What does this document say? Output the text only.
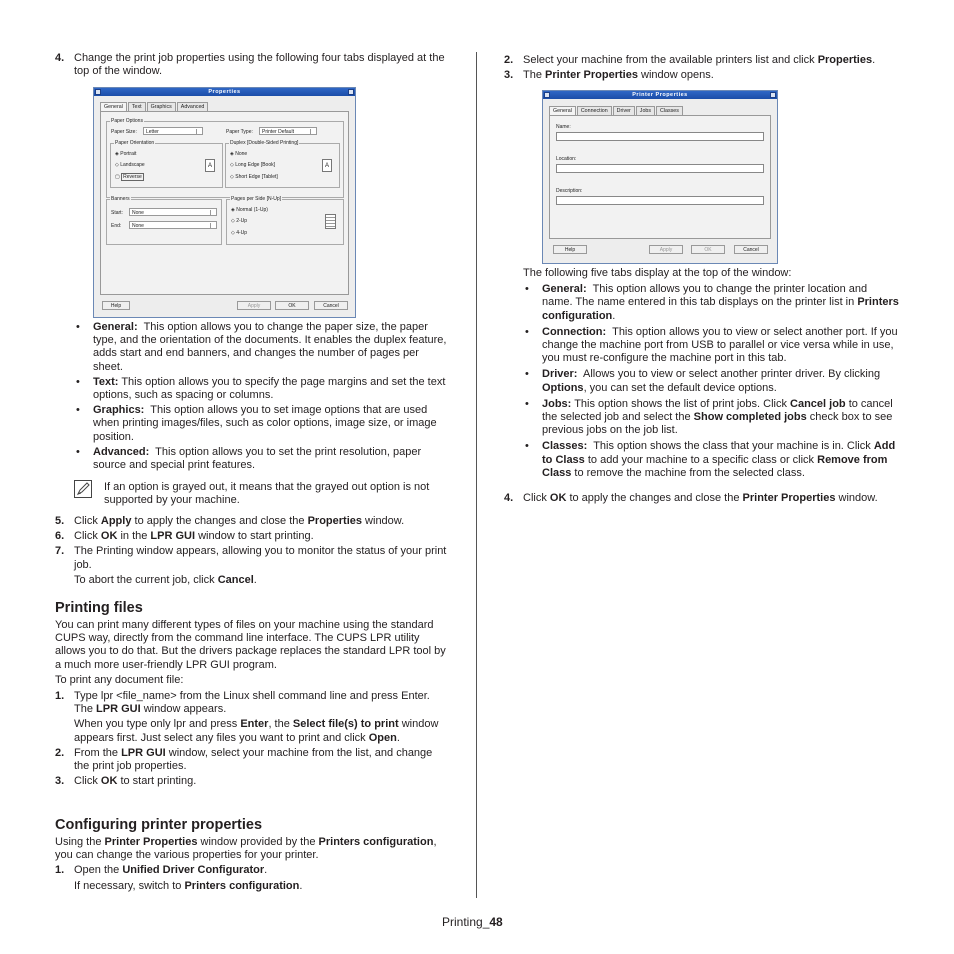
4. Change the print job properties using the following four tabs displayed at the top of the window.
Properties
General	Text	Graphics	Advanced
Paper Options
Paper Size:	Letter	Paper Type:	Printer Default
Paper Orientation
◈ Portrait
◇ Landscape
▢ Reverse
A
Duplex [Double-Sided Printing]
◈ None
◇ Long Edge [Book]
◇ Short Edge [Tablet]
A
Banners
Start:	None
End:	None
Pages per Side [N-Up]
◈ Normal (1-Up)
◇ 2-Up
◇ 4-Up
Help	Apply	OK	Cancel
• General: This option allows you to change the paper size, the paper type, and the orientation of the documents. It enables the duplex feature, adds start and end banners, and changes the number of pages per sheet.
• Text: This option allows you to specify the page margins and set the text options, such as spacing or columns.
• Graphics: This option allows you to set image options that are used when printing images/files, such as color options, image size, or image position.
• Advanced: This option allows you to set the print resolution, paper source and special print features.
If an option is grayed out, it means that the grayed out option is not supported by your machine.
5. Click Apply to apply the changes and close the Properties window.
6. Click OK in the LPR GUI window to start printing.
7. The Printing window appears, allowing you to monitor the status of your print job.
To abort the current job, click Cancel.
Printing files

You can print many different types of files on your machine using the standard CUPS way, directly from the command line interface. The CUPS LPR utility allows you to do that. But the drivers package replaces the standard LPR tool by a much more user-friendly LPR GUI program.

To print any document file:

1. Type lpr <file_name> from the Linux shell command line and press Enter. The LPR GUI window appears.
When you type only lpr and press Enter, the Select file(s) to print window appears first. Just select any files you want to print and click Open.
2. From the LPR GUI window, select your machine from the list, and change the print job properties.
3. Click OK to start printing.
Configuring printer properties

Using the Printer Properties window provided by the Printers configuration, you can change the various properties for your printer.

1. Open the Unified Driver Configurator.
If necessary, switch to Printers configuration.
2. Select your machine from the available printers list and click Properties.
3. The Printer Properties window opens.
Printer Properties
General	Connection	Driver	Jobs	Classes
Name:
Location:
Description:
Help	Apply	OK	Cancel

The following five tabs display at the top of the window:

• General: This option allows you to change the printer location and name. The name entered in this tab displays on the printer list in Printers configuration.
• Connection: This option allows you to view or select another port. If you change the machine port from USB to parallel or vice versa while in use, you must re-configure the machine port in this tab.
• Driver: Allows you to view or select another printer driver. By clicking Options, you can set the default device options.
• Jobs: This option shows the list of print jobs. Click Cancel job to cancel the selected job and select the Show completed jobs check box to see previous jobs on the job list.
• Classes: This option shows the class that your machine is in. Click Add to Class to add your machine to a specific class or click Remove from Class to remove the machine from the selected class.
4. Click OK to apply the changes and close the Printer Properties window.
Printing_48
